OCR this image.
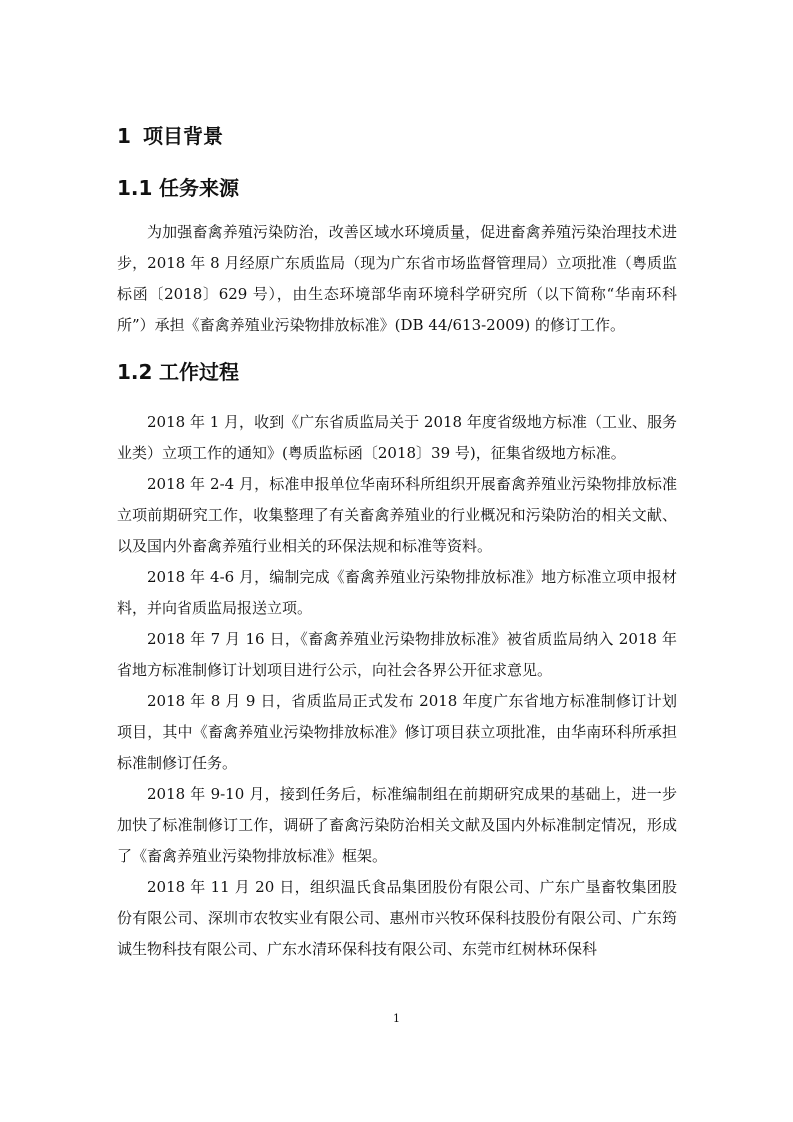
1 项目背景
1.1 任务来源

为加强畜禽养殖污染防治，改善区域水环境质量，促进畜禽养殖污染治理技术进步，2018 年 8 月经原广东质监局（现为广东省市场监督管理局）立项批准（粤质监标函〔2018〕629 号），由生态环境部华南环境科学研究所（以下简称“华南环科所”）承担《畜禽养殖业污染物排放标准》(DB 44/613-2009) 的修订工作。

1.2 工作过程

2018 年 1 月，收到《广东省质监局关于 2018 年度省级地方标准（工业、服务业类）立项工作的通知》(粤质监标函〔2018〕39 号)，征集省级地方标准。

2018 年 2-4 月，标准申报单位华南环科所组织开展畜禽养殖业污染物排放标准立项前期研究工作，收集整理了有关畜禽养殖业的行业概况和污染防治的相关文献、以及国内外畜禽养殖行业相关的环保法规和标准等资料。

2018 年 4-6 月，编制完成《畜禽养殖业污染物排放标准》地方标准立项申报材料，并向省质监局报送立项。

2018 年 7 月 16 日，《畜禽养殖业污染物排放标准》被省质监局纳入 2018 年省地方标准制修订计划项目进行公示，向社会各界公开征求意见。

2018 年 8 月 9 日，省质监局正式发布 2018 年度广东省地方标准制修订计划项目，其中《畜禽养殖业污染物排放标准》修订项目获立项批准，由华南环科所承担标准制修订任务。

2018 年 9-10 月，接到任务后，标准编制组在前期研究成果的基础上，进一步加快了标准制修订工作，调研了畜禽污染防治相关文献及国内外标准制定情况，形成了《畜禽养殖业污染物排放标准》框架。

2018 年 11 月 20 日，组织温氏食品集团股份有限公司、广东广垦畜牧集团股份有限公司、深圳市农牧实业有限公司、惠州市兴牧环保科技股份有限公司、广东筠诚生物科技有限公司、广东水清环保科技有限公司、东莞市红树林环保科

1
